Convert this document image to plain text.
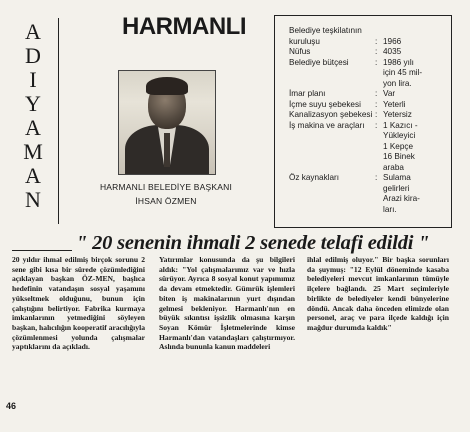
A
D
I
Y
A
M
A
N
HARMANLI
HARMANLI BELEDİYE BAŞKANI
İHSAN ÖZMEN
Belediye teşkilatının
kuruluşu	: 1966
Nüfus	: 4035
Belediye bütçesi	: 1986 yılı
için 45 mil-
yon lira.
İmar planı	: Var
İçme suyu şebekesi	: Yeterli
Kanalizasyon şebekesi : Yetersiz
İş makina ve araçları	: 1 Kazıcı -
Yükleyici
1 Kepçe
16 Binek
araba
Öz kaynakları	: Sulama
gelirleri
Arazi kira-
ları.
" 20 senenin ihmali 2 senede telafi edildi "

20 yıldır ihmal edilmiş birçok sorunu 2 sene gibi kısa bir sürede çözümlediğini açıklayan başkan ÖZ-MEN, başlıca hedefinin vatandaşın sosyal yaşamını yükseltmek olduğunu, bunun için çalıştığını belirtiyor. Fabrika kurmaya imkanlarının yetmediğini söyleyen başkan, halıcılığın kooperatif aracılığıyla çözümlenmesi yolunda çalışmalar yaptıklarını da açıkladı.

Yatırımlar konusunda da şu bilgileri aldık: "Yol çalışmalarımız var ve hızla sürüyor. Ayrıca 8 sosyal konut yapımımız da devam etmektedir. Gümrük işlemleri biten iş makinalarının yurt dışından gelmesi bekleniyor. Harmanlı'nın en büyük sıkıntısı işsizlik olmasına karşın Soyan Kömür İşletmelerinde kimse Harmanlı'dan vatandaşları çalıştırmıyor. Aslında bununla kanun maddeleri

ihlal edilmiş oluyor." Bir başka sorunları da şuymuş: "12 Eylül döneminde kasaba belediyeleri mevcut imkanlarının tümüyle ilçelere bağlandı. 25 Mart seçimleriyle birlikte de belediyeler kendi bünyelerine döndü. Ancak daha önceden elimizde olan personel, araç ve para ilçede kaldığı için mağdur durumda kaldık"

46
